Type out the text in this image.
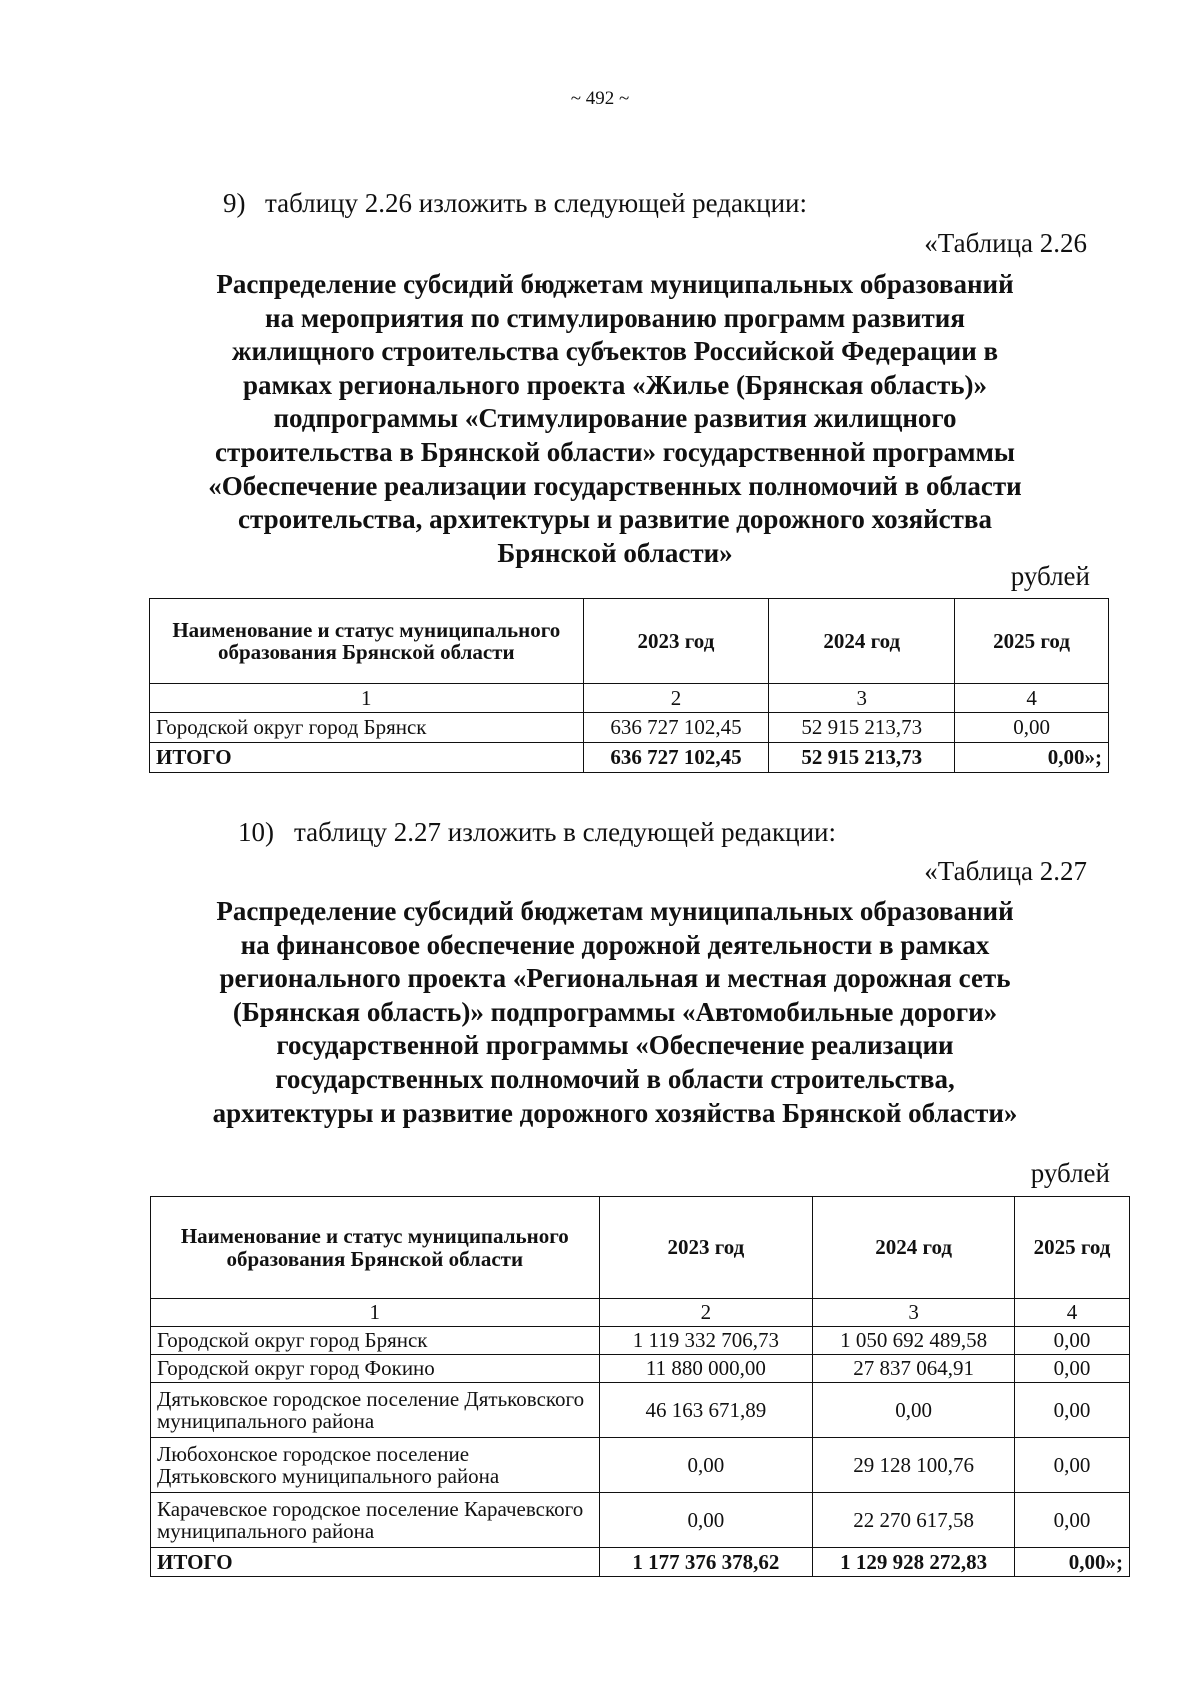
~ 492 ~
9) таблицу 2.26 изложить в следующей редакции:
«Таблица 2.26
Распределение субсидий бюджетам муниципальных образований
на мероприятия по стимулированию программ развития
жилищного строительства субъектов Российской Федерации в
рамках регионального проекта «Жилье (Брянская область)»
подпрограммы «Стимулирование развития жилищного
строительства в Брянской области» государственной программы
«Обеспечение реализации государственных полномочий в области
строительства, архитектуры и развитие дорожного хозяйства
Брянской области»
рублей
Наименование и статус муниципального образования Брянской области	2023 год	2024 год	2025 год
1	2	3	4
Городской округ город Брянск	636 727 102,45	52 915 213,73	0,00
ИТОГО	636 727 102,45	52 915 213,73	0,00»;
10) таблицу 2.27 изложить в следующей редакции:
«Таблица 2.27
Распределение субсидий бюджетам муниципальных образований
на финансовое обеспечение дорожной деятельности в рамках
регионального проекта «Региональная и местная дорожная сеть
(Брянская область)» подпрограммы «Автомобильные дороги»
государственной программы «Обеспечение реализации
государственных полномочий в области строительства,
архитектуры и развитие дорожного хозяйства Брянской области»
рублей
Наименование и статус муниципального образования Брянской области	2023 год	2024 год	2025 год
1	2	3	4
Городской округ город Брянск	1 119 332 706,73	1 050 692 489,58	0,00
Городской округ город Фокино	11 880 000,00	27 837 064,91	0,00
Дятьковское городское поселение Дятьковского муниципального района	46 163 671,89	0,00	0,00
Любохонское городское поселение Дятьковского муниципального района	0,00	29 128 100,76	0,00
Карачевское городское поселение Карачевского муниципального района	0,00	22 270 617,58	0,00
ИТОГО	1 177 376 378,62	1 129 928 272,83	0,00»;
